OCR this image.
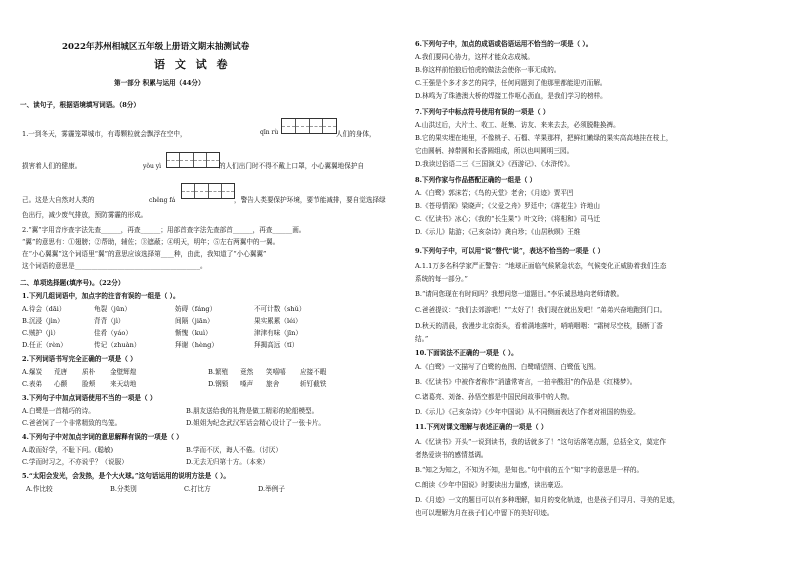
2022年苏州相城区五年级上册语文期末抽测试卷
语 文 试 卷
第一部分 积累与运用（44分）
一、读句子，根据语境填写词语。（8分）
1.一到冬天，雾霾笼罩城市，有毒颗粒就会飘浮在空中，	qīn rù	人们的身体，
损害着人们的健康。	yǒu yì	的人们出门时不得不戴上口罩，小心翼翼地保护自
己。这是大自然对人类的	chěng fá	，警告人类要保护环境，要节能减排，要自觉选择绿
色出行，减少废气排放，预防雾霾的形成。
2.“翼”字用音序查字法先查______，再查______；用部首查字法先查部首______，再查______画。
“翼”的意思有：①翅膀；②帮助，辅佐；③遮蔽；④明天，明年；⑤左右两翼中的一翼。
在“小心翼翼”这个词语里“翼”的意思应该选择第____种，由此，我知道了“小心翼翼”
这个词语的意思是______________________________________。
二、单项选择题(填序号)。（22分）
1.下列几组词语中，加点字的注音有误的一组是（ ）。
A.待会（dāi）	龟裂（jūn）	妨碍（fáng）	不可计数（shǔ）
B.沉浸（jìn）	背背（jì）	间隔（jiān）	果实累累（léi）
C.贼护（jì）	佳肴（yáo）	惭愧（kuì）	津津有味（jīn）
D.任正（rèn）	传记（zhuàn）	拜谢（hèng）	拜揭高远（tī）
2.下列词语书写完全正确的一项是（ ）
A.爆炭 荒唐 质朴 金壁辉煌	B.繁殖 竟然 笑嘻嘻 应接不暇
C.表弟 心颤 脸颊 来天动地	D.钢锁 嗓声 旅舍	斩钉截铁
3.下列句子中加点词语使用不当的一项是（ ）
A.白鹭是一首精巧的诗。	B.朋友送给我的礼物是做工精彩的轮船模型。
C.爸爸饲了一个非常精致的鸟笼。	D.姐姐为纪念武汉军话会精心设计了一张卡片。
4.下列句子中对加点字词的意思解释有误的一项是（ ）
A.敢而好学，不耻下问。(聪敏)	B.学而不厌，诲人不倦。（讨厌）
C.学而时习之，不亦说乎？（说服）	D.无去无归第十方。（本来）
5.“太阳会发光，会发热，是个大火球。”这句话运用的说明方法是（ ）。
A.作比较	B.分类别	C.打比方	D.举例子
6.下列句子中，加点的成语或俗语运用不恰当的一项是（ ）。
A.我们要同心协力，这样才能众志成城。
B.你这样前怕狼后怕虎的做法会使你一事无成的。
C.王强是个多才多艺的同学，任何问题到了他那里都能迎刃而解。
D.林鸣为了珠港澳大桥的焊接工作呕心沥血，是我们学习的榜样。
7.下列句子中标点符号使用有误的一项是（ ）
A.山洪过后，大片土、收工、赶集、访友、来来去去，必须脱鞋换裤。
B.它的果实埋在地里，不像桃子、石榴、苹果那样，把鲜红嫩绿的果实高高地挂在枝上，
它由圆柄、掉带圆和长香圆组成，所以也叫圆明三园。
D.我读过俗语二三《三国演义》《西游记》、《水浒传》。
8.下列作家与作品搭配正确的一组是（ ）
A.《白鹭》郭沫若；《鸟的天堂》老舍；《月迹》贾平凹
B.《苍母情深》梁晓声；《父爱之舟》罗廷中；《落花生》许地山
C.《忆读书》冰心；《我的“长生果”》叶文玲；《将相和》司马迁
D.《示儿》陆游；《己亥杂诗》龚自珍；《山居秋暝》王维
9.下列句子中，可以用“说”替代“说”，表达不恰当的一项是（ ）
A.1.1万多名科学家严正警告：“地球正面临气候紧急状态，气候变化正威胁着我们生态
系统的每一部分。”
B.“请问您现在有时间吗？我想问您一道题目。”李乐诚恳地向老师请教。
C.爸爸提议：“我们去郊游吧！”“太好了！我们现在就出发吧！”弟弟兴奋地跑到门口。
D.秋天的清晨，我漫步北京街头，看着满地落叶，哨哨咽咽：“霜树尽空枝，肠断丁香
结。”
10.下面说法不正确的一项是（ ）。
A.《白鹭》一文描写了白鹭的鱼图、白鹭晴望图、白鹭低飞图。
B.《忆读书》中被作者称作“消遣常寄言，一拍辛酸泪”的作品是《红楼梦》。
C.诸葛亮、刘备、孙悟空都是中国民间故事中的人物。
D.《示儿》《己亥杂诗》《少年中国说》从不同侧面表达了作者对祖国的热爱。
11.下列对课文理解与表述正确的一项是（ ）
A.《忆读书》开头“一说到读书，我的话就多了！”这句话落笔点题，总括全文，莫定作
者热爱读书的感情基调。
B.“知之为知之，不知为不知，是知也。”句中前的五个“知”字的意思是一样的。
C.朗读《少年中国说》时要读出力量感，读出豪迈。
D.《月迹》一文的题目可以有多种理解，如月的变化轨迹，也是孩子们寻月、寻美的足迹，
也可以理解为月在孩子们心中留下的美好印迹。
